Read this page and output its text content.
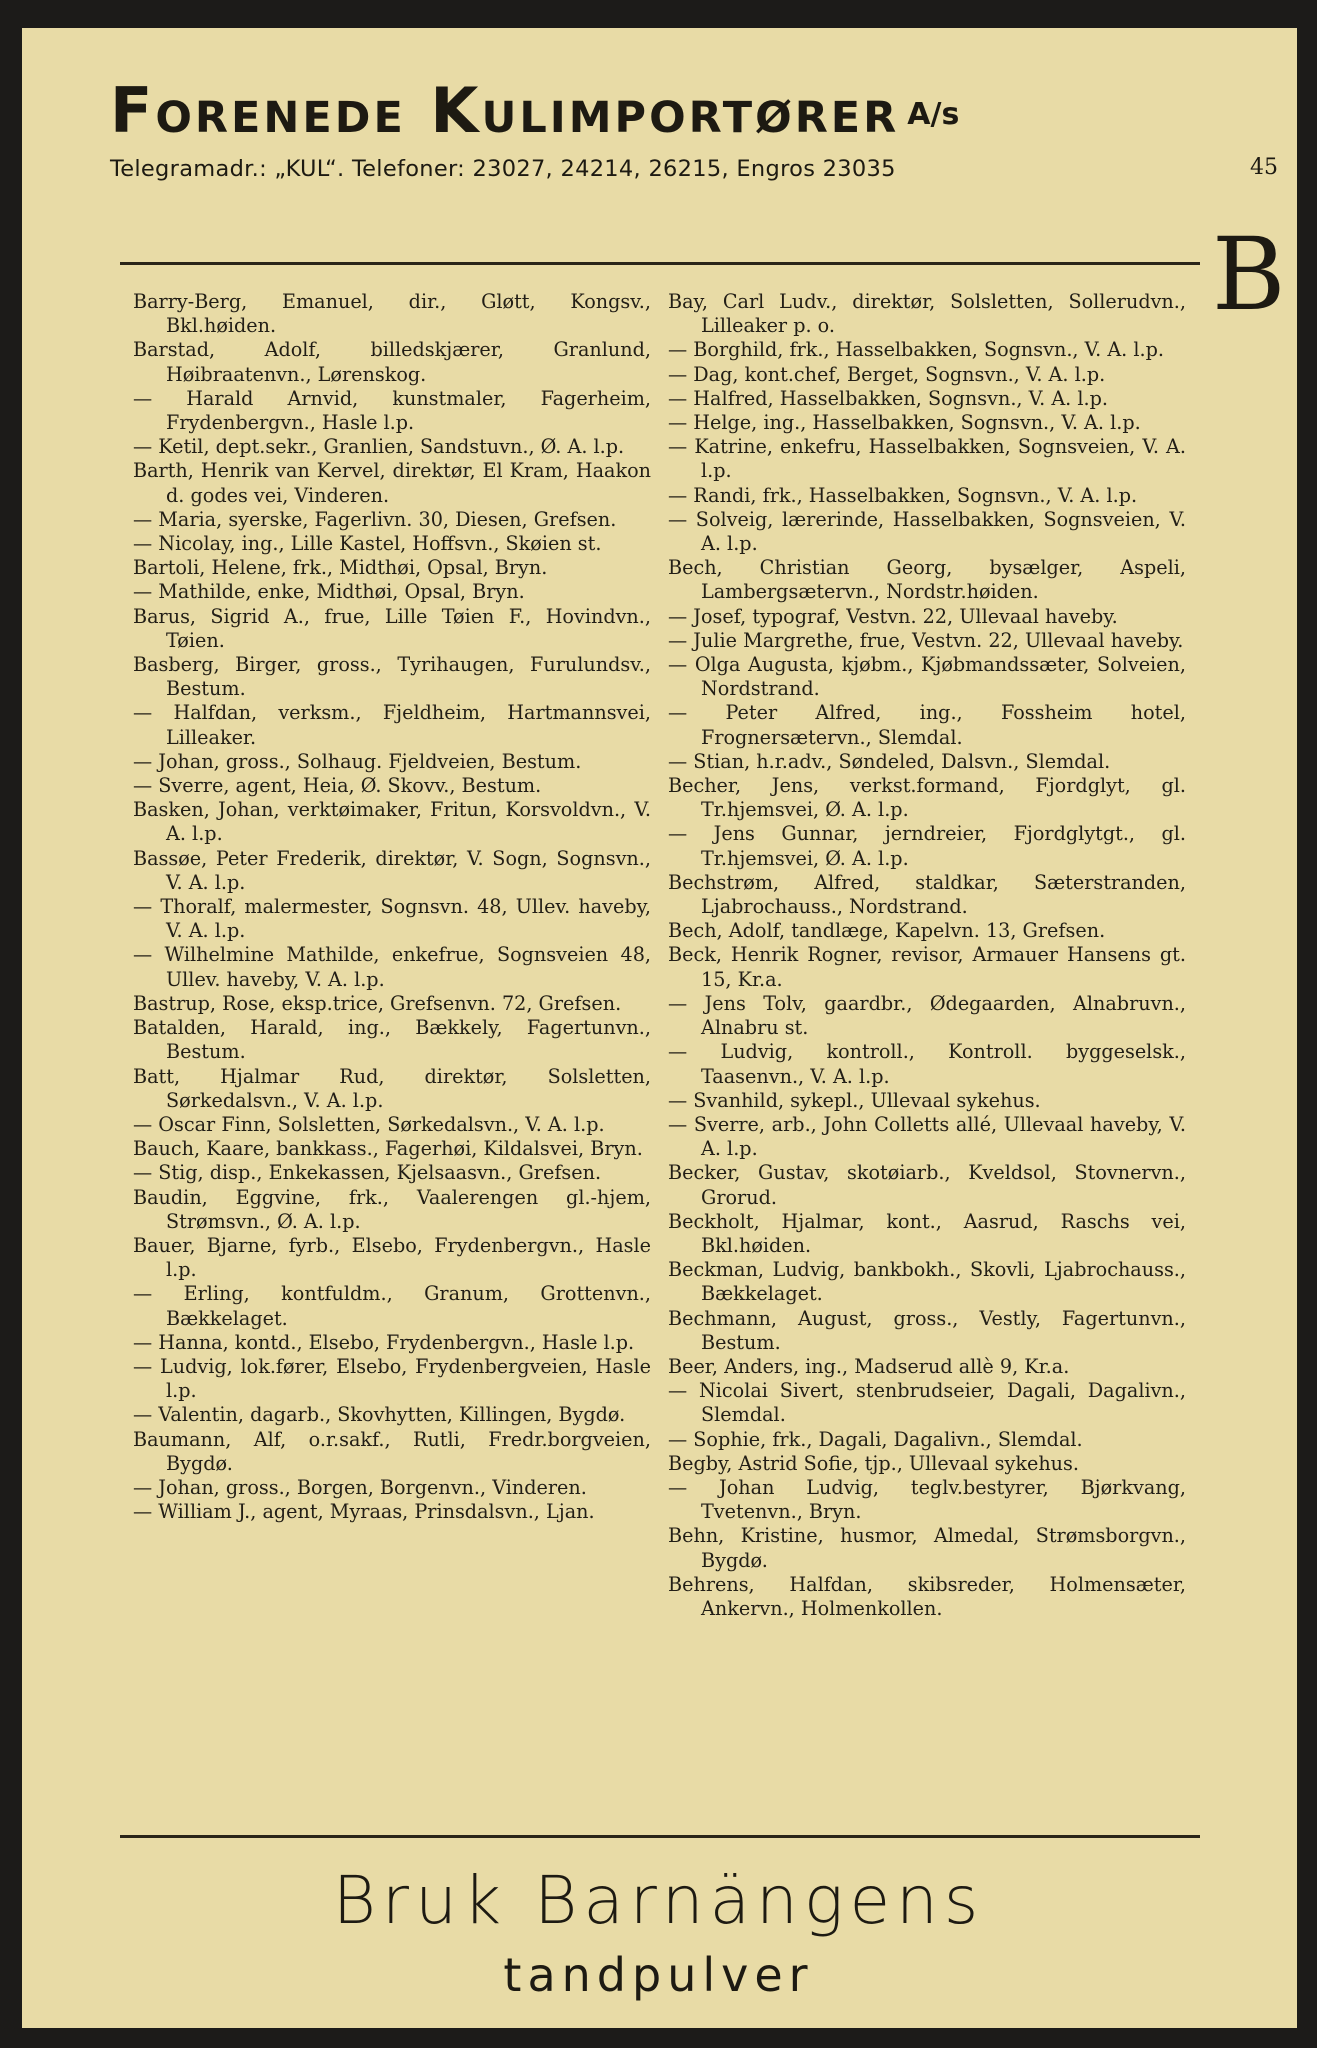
Forenede Kulimportører A/s
Telegramadr.: „KUL“. Telefoner: 23027, 24214, 26215, Engros 23035	45
B
Barry-Berg, Emanuel, dir., Gløtt, Kongsv., Bkl.høiden.
Barstad, Adolf, billedskjærer, Granlund, Høibraatenvn., Lørenskog.
— Harald Arnvid, kunstmaler, Fagerheim, Frydenbergvn., Hasle l.p.
— Ketil, dept.sekr., Granlien, Sandstuvn., Ø. A. l.p.
Barth, Henrik van Kervel, direktør, El Kram, Haakon d. godes vei, Vinderen.
— Maria, syerske, Fagerlivn. 30, Diesen, Grefsen.
— Nicolay, ing., Lille Kastel, Hoffsvn., Skøien st.
Bartoli, Helene, frk., Midthøi, Opsal, Bryn.
— Mathilde, enke, Midthøi, Opsal, Bryn.
Barus, Sigrid A., frue, Lille Tøien F., Hovindvn., Tøien.
Basberg, Birger, gross., Tyrihaugen, Furulundsv., Bestum.
— Halfdan, verksm., Fjeldheim, Hartmannsvei, Lilleaker.
— Johan, gross., Solhaug. Fjeldveien, Bestum.
— Sverre, agent, Heia, Ø. Skovv., Bestum.
Basken, Johan, verktøimaker, Fritun, Korsvoldvn., V. A. l.p.
Bassøe, Peter Frederik, direktør, V. Sogn, Sognsvn., V. A. l.p.
— Thoralf, malermester, Sognsvn. 48, Ullev. haveby, V. A. l.p.
— Wilhelmine Mathilde, enkefrue, Sognsveien 48, Ullev. haveby, V. A. l.p.
Bastrup, Rose, eksp.trice, Grefsenvn. 72, Grefsen.
Batalden, Harald, ing., Bækkely, Fagertunvn., Bestum.
Batt, Hjalmar Rud, direktør, Solsletten, Sørkedalsvn., V. A. l.p.
— Oscar Finn, Solsletten, Sørkedalsvn., V. A. l.p.
Bauch, Kaare, bankkass., Fagerhøi, Kildalsvei, Bryn.
— Stig, disp., Enkekassen, Kjelsaasvn., Grefsen.
Baudin, Eggvine, frk., Vaalerengen gl.-hjem, Strømsvn., Ø. A. l.p.
Bauer, Bjarne, fyrb., Elsebo, Frydenbergvn., Hasle l.p.
— Erling, kontfuldm., Granum, Grottenvn., Bækkelaget.
— Hanna, kontd., Elsebo, Frydenbergvn., Hasle l.p.
— Ludvig, lok.fører, Elsebo, Frydenbergveien, Hasle l.p.
— Valentin, dagarb., Skovhytten, Killingen, Bygdø.
Baumann, Alf, o.r.sakf., Rutli, Fredr.borgveien, Bygdø.
— Johan, gross., Borgen, Borgenvn., Vinderen.
— William J., agent, Myraas, Prinsdalsvn., Ljan.
Bay, Carl Ludv., direktør, Solsletten, Sollerudvn., Lilleaker p. o.
— Borghild, frk., Hasselbakken, Sognsvn., V. A. l.p.
— Dag, kont.chef, Berget, Sognsvn., V. A. l.p.
— Halfred, Hasselbakken, Sognsvn., V. A. l.p.
— Helge, ing., Hasselbakken, Sognsvn., V. A. l.p.
— Katrine, enkefru, Hasselbakken, Sognsveien, V. A. l.p.
— Randi, frk., Hasselbakken, Sognsvn., V. A. l.p.
— Solveig, lærerinde, Hasselbakken, Sognsveien, V. A. l.p.
Bech, Christian Georg, bysælger, Aspeli, Lambergsætervn., Nordstr.høiden.
— Josef, typograf, Vestvn. 22, Ullevaal haveby.
— Julie Margrethe, frue, Vestvn. 22, Ullevaal haveby.
— Olga Augusta, kjøbm., Kjøbmandssæter, Solveien, Nordstrand.
— Peter Alfred, ing., Fossheim hotel, Frognersætervn., Slemdal.
— Stian, h.r.adv., Søndeled, Dalsvn., Slemdal.
Becher, Jens, verkst.formand, Fjordglyt, gl. Tr.hjemsvei, Ø. A. l.p.
— Jens Gunnar, jerndreier, Fjordglytgt., gl. Tr.hjemsvei, Ø. A. l.p.
Bechstrøm, Alfred, staldkar, Sæterstranden, Ljabrochauss., Nordstrand.
Bech, Adolf, tandlæge, Kapelvn. 13, Grefsen.
Beck, Henrik Rogner, revisor, Armauer Hansens gt. 15, Kr.a.
— Jens Tolv, gaardbr., Ødegaarden, Alnabruvn., Alnabru st.
— Ludvig, kontroll., Kontroll. byggeselsk., Taasenvn., V. A. l.p.
— Svanhild, sykepl., Ullevaal sykehus.
— Sverre, arb., John Colletts allé, Ullevaal haveby, V. A. l.p.
Becker, Gustav, skotøiarb., Kveldsol, Stovnervn., Grorud.
Beckholt, Hjalmar, kont., Aasrud, Raschs vei, Bkl.høiden.
Beckman, Ludvig, bankbokh., Skovli, Ljabrochauss., Bækkelaget.
Bechmann, August, gross., Vestly, Fagertunvn., Bestum.
Beer, Anders, ing., Madserud allè 9, Kr.a.
— Nicolai Sivert, stenbrudseier, Dagali, Dagalivn., Slemdal.
— Sophie, frk., Dagali, Dagalivn., Slemdal.
Begby, Astrid Sofie, tjp., Ullevaal sykehus.
— Johan Ludvig, teglv.bestyrer, Bjørkvang, Tvetenvn., Bryn.
Behn, Kristine, husmor, Almedal, Strømsborgvn., Bygdø.
Behrens, Halfdan, skibsreder, Holmensæter, Ankervn., Holmenkollen.
Bruk Barnängens
tandpulver
